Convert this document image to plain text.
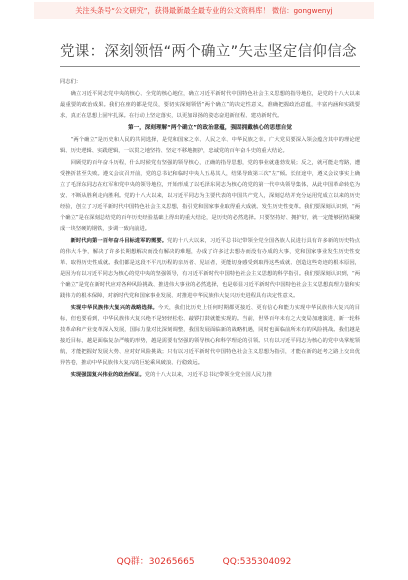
关注头条号“公文研究”，获得最新最全最专业的公文资料库！ 微信：gongwenyj
党课：深刻领悟“两个确立”矢志坚定信仰信念

同志们：

确立习近平同志党中央的核心、全党的核心地位，确立习近平新时代中国特色社会主义思想的指导地位，是党的十八大以来最重要的政治成果。我们在座的都是党员，要切实深刻领悟“两个确立”的决定性意义，准确把握政治意蕴，丰富内涵和实践要求，真正在思想上固牢扎深。在行动上坚定落实，以更加昂扬的姿态奋进新征程、建功新时代。

第一，深刻理解“两个确立”的政治意蕴，强固拥戴核心的思想自觉

“两个确立”是历史和人民的共同选择，是党和国家之幸、人民之幸、中华民族之幸。广大党员要深入领会蕴含其中的理论逻辑、历史逻辑、实践逻辑，一以贯之地坚持、坚定不移地拥护，忠诚党的百年奋斗史的重大结论。

回顾党的百年奋斗历程，什么时候党有坚强的领导核心，正确的指导思想，党的事业就蓬勃发展；反之，就可能走弯路，遭受挫折甚至失败。遵义会议召开前，党的总书记和临时中央人五易其人，结果导致第三次“左”倾。长征途中，遵义会议事实上确立了毛泽东同志在红军和党中央的领导地位，开始形成了以毛泽东同志为核心的党的第一代中央领导集体，从此中国革命转危为安、不断从胜利走向胜利。党的十八大以来，以习近平同志为主要代表的中国共产党人，深刻总结并充分运用党成立以来的历史经验，创立了习近平新时代中国特色社会主义思想，指引党和国家事业取得重大成就、发生历史性变革。我们要深刻认识到，“两个确立”是在深刻总结党的百年历史经验基础上得出的重大结论，是历史的必然选择。只要坚持好、拥护好，就一定能够团结凝聚成一块坚硬的钢铁，步调一致向前进。

新时代向第一百年奋斗目标进军的需要。党的十八大以来，习近平总书记带领全党全国各族人民进行具有许多新的历史特点的伟大斗争，解决了许多长期想解决而没有解决的难题，办成了许多过去想办而没有办成的大事，党和国家事业发生历史性变革、取得历史性成就。我们都是这段不平凡历程的亲历者、见证者，更能切身感受到取得这些成就、创造这些奇迹的根本原因，是因为有以习近平同志为核心的党中央的坚强领导，有习近平新时代中国特色社会主义思想的科学指引。我们要深刻认识到，“两个确立”是党在新时代应对各种风险挑战、推进伟大事业的必然选择，也是彰显习近平新时代中国特色社会主义思想真理力量和实践伟力的根本保障，对新时代党和国家事业发展、对推进中华民族伟大复兴历史进程具有决定性意义。

实现中华民族伟大复兴的战略选择。今天，我们比历史上任何时期都更接近、更有信心和能力实现中华民族伟大复兴的目标，但也要看到，中华民族伟大复兴绝不是轻轻松松、敲锣打鼓就能实现的。当前，世界百年未有之大变局加速演进，新一轮科技革命和产业变革深入发展，国际力量对比深刻调整，我国发展面临新的战略机遇，同时也面临前所未有的风险挑战。我们越是接近目标，越是面临复杂严峻的形势，越是需要有坚强的领导核心和科学理论的引领。只有以习近平同志为核心的党中央掌舵领航，才能把握好发展大势、应对好风险挑战；只有以习近平新时代中国特色社会主义思想为指引，才能在新的赶考之路上交出优异答卷，推动中华民族伟大复兴的巨轮乘风破浪、行稳致远。

实现强国复兴伟业的政治保证。党的十八大以来，习近平总书记带领全党全国人民力推

QQ群：30265665	QQ:535304092
